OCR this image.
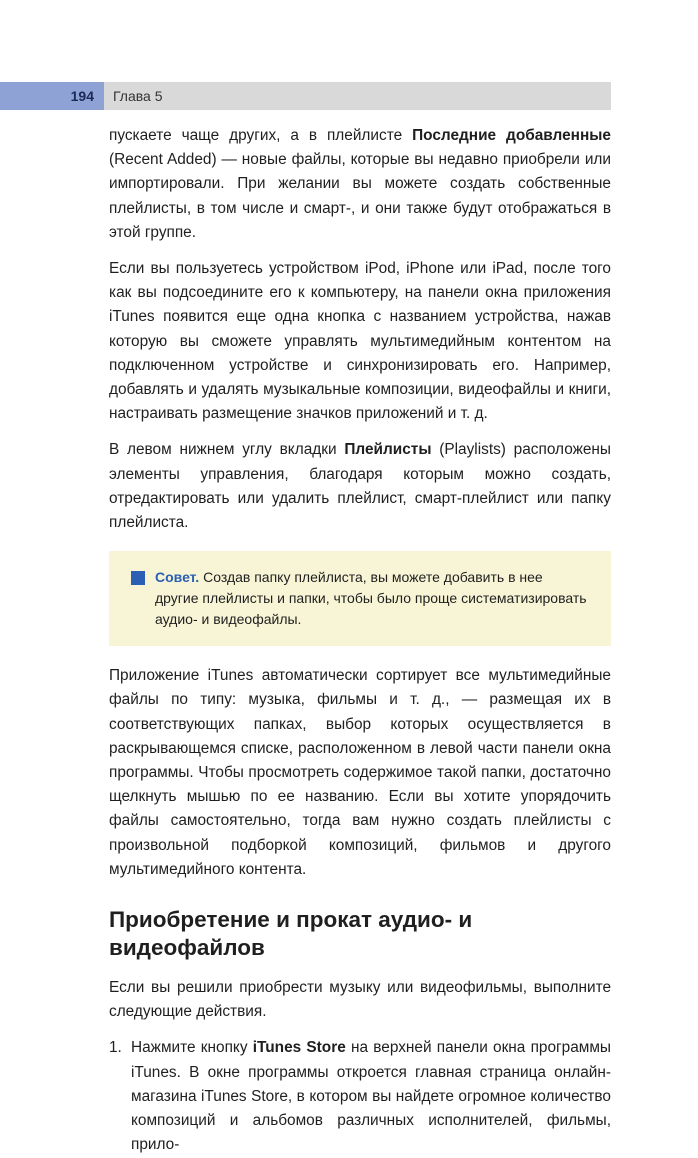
194	Глава 5

пускаете чаще других, а в плейлисте Последние добавленные (Recent Added) — новые файлы, которые вы недавно приобрели или импортировали. При желании вы можете создать собственные плейлисты, в том числе и смарт-, и они также будут отображаться в этой группе.

Если вы пользуетесь устройством iPod, iPhone или iPad, после того как вы подсоедините его к компьютеру, на панели окна приложения iTunes появится еще одна кнопка с названием устройства, нажав которую вы сможете управлять мультимедийным контентом на подключенном устройстве и синхронизировать его. Например, добавлять и удалять музыкальные композиции, видеофайлы и книги, настраивать размещение значков приложений и т. д.

В левом нижнем углу вкладки Плейлисты (Playlists) расположены элементы управления, благодаря которым можно создать, отредактировать или удалить плейлист, смарт-плейлист или папку плейлиста.

Совет. Создав папку плейлиста, вы можете добавить в нее другие плейлисты и папки, чтобы было проще систематизировать аудио- и видеофайлы.

Приложение iTunes автоматически сортирует все мультимедийные файлы по типу: музыка, фильмы и т. д., — размещая их в соответствующих папках, выбор которых осуществляется в раскрывающемся списке, расположенном в левой части панели окна программы. Чтобы просмотреть содержимое такой папки, достаточно щелкнуть мышью по ее названию. Если вы хотите упорядочить файлы самостоятельно, тогда вам нужно создать плейлисты с произвольной подборкой композиций, фильмов и другого мультимедийного контента.

Приобретение и прокат аудио- и видеофайлов

Если вы решили приобрести музыку или видеофильмы, выполните следующие действия.

1. Нажмите кнопку iTunes Store на верхней панели окна программы iTunes. В окне программы откроется главная страница онлайн-магазина iTunes Store, в котором вы найдете огромное количество композиций и альбомов различных исполнителей, фильмы, прило-
